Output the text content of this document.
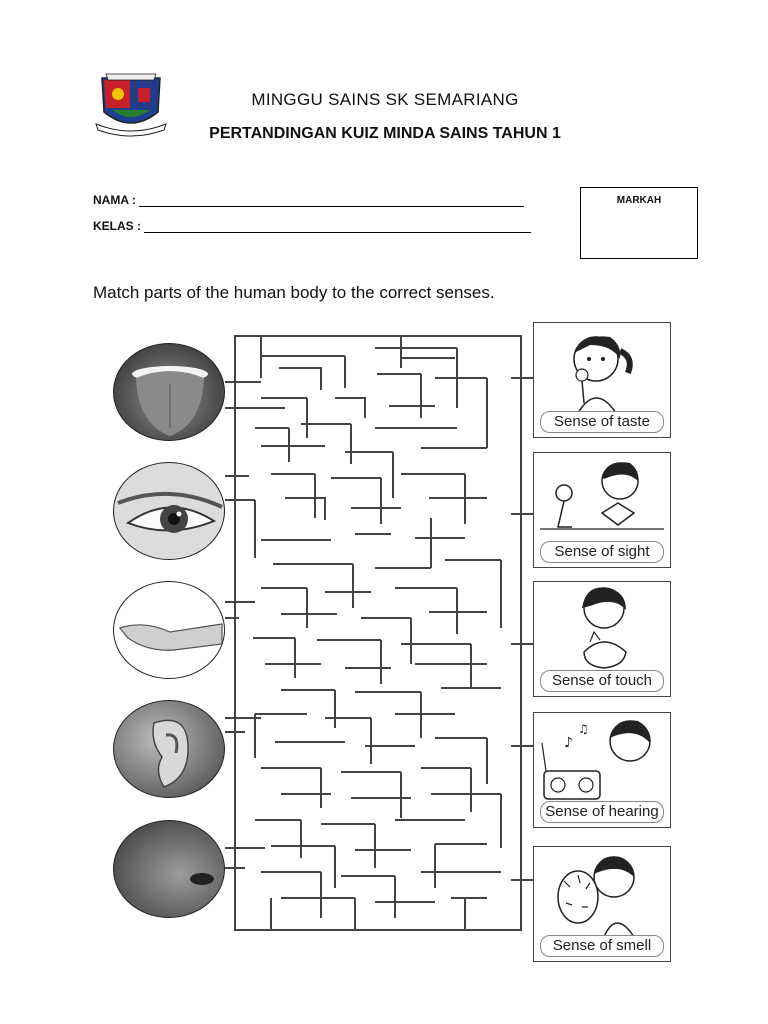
MINGGU SAINS SK SEMARIANG
PERTANDINGAN KUIZ MINDA SAINS TAHUN 1
NAMA :
KELAS :
MARKAH
Match parts of the human body to the correct senses.
Sense of taste
Sense of sight
Sense of touch
♪
♫
Sense of hearing
Sense of smell
